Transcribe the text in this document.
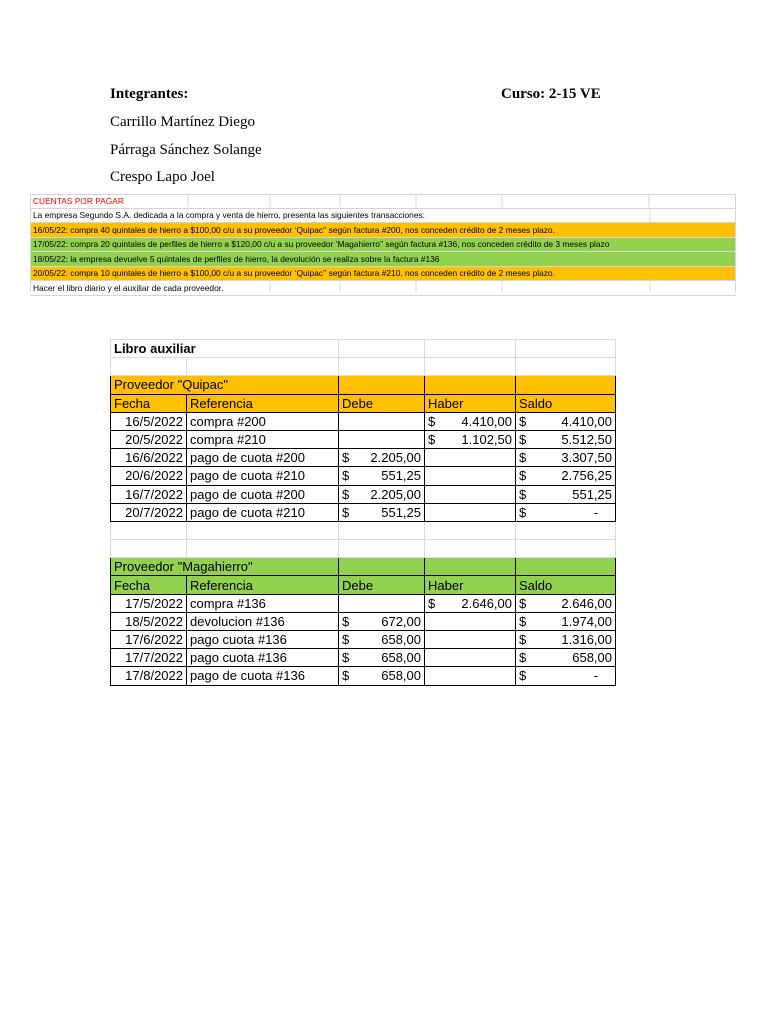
Integrantes:	Curso: 2-15 VE
Carrillo Martínez Diego
Párraga Sánchez Solange
Crespo Lapo Joel
CUENTAS POR PAGAR
La empresa Segundo S.A. dedicada a la compra y venta de hierro, presenta las siguientes transacciones:
16/05/22: compra 40 quintales de hierro a $100,00 c/u a su proveedor ‘Quipac’’ según factura #200, nos conceden crédito de 2 meses plazo.
17/05/22: compra 20 quintales de perfiles de hierro a $120,00 c/u a su proveedor ‘Magahierro’’ según factura #136, nos conceden crédito de 3 meses plazo
18/05/22: la empresa devuelve 5 quintales de perfiles de hierro, la devolución se realiza sobre la factura #136
20/05/22: compra 10 quintales de hierro a $100,00 c/u a su proveedor ‘Quipac’’ según factura #210, nos conceden crédito de 2 meses plazo.
Hacer el libro diario y el auxiliar de cada proveedor.
Libro auxiliar				

Proveedor "Quipac"				
Fecha	Referencia	Debe	Haber	Saldo
16/5/2022	compra #200		$ 4.410,00	$ 4.410,00

20/5/2022	compra #210		$ 1.102,50	$ 5.512,50

16/6/2022	pago de cuota #200	$ 2.205,00		$ 3.307,50

20/6/2022	pago de cuota #210	$ 551,25		$ 2.756,25

16/7/2022	pago de cuota #200	$ 2.205,00		$ 551,25

20/7/2022	pago de cuota #210	$ 551,25		$ -

Proveedor "Magahierro"				
Fecha	Referencia	Debe	Haber	Saldo
17/5/2022	compra #136		$ 2.646,00	$ 2.646,00

18/5/2022	devolucion #136	$ 672,00		$ 1.974,00

17/6/2022	pago cuota #136	$ 658,00		$ 1.316,00

17/7/2022	pago cuota #136	$ 658,00		$ 658,00

17/8/2022	pago de cuota #136	$ 658,00		$ -
